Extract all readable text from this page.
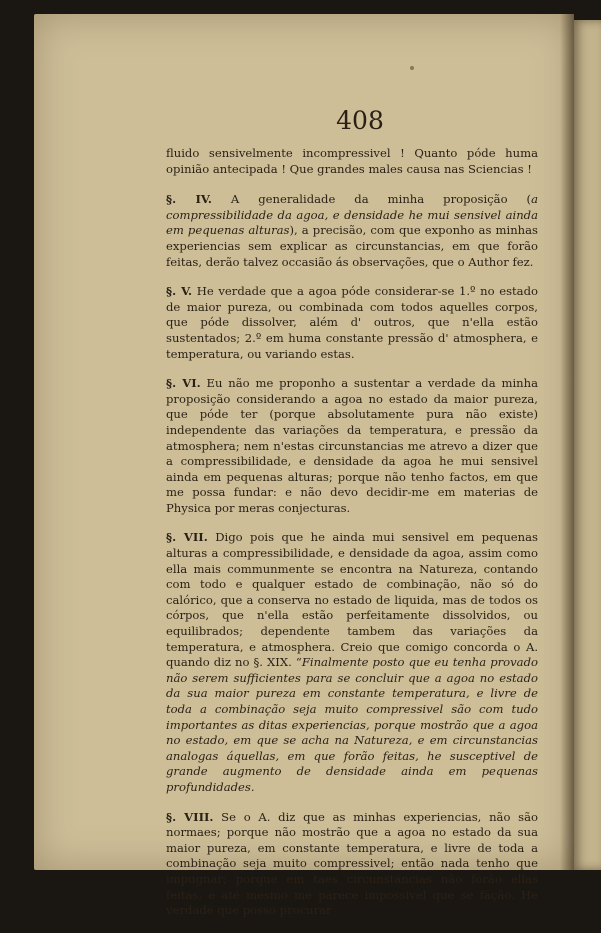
408

fluido sensivelmente incompressivel ! Quanto póde huma opinião antecipada ! Que grandes males causa nas Sciencias !

§. IV. A generalidade da minha proposição (a compressibilidade da agoa, e densidade he mui sensivel ainda em pequenas alturas), a precisão, com que exponho as minhas experiencias sem explicar as circunstancias, em que forão feitas, derão talvez occasião ás observações, que o Author fez.

§. V. He verdade que a agoa póde considerar-se 1.º no estado de maior pureza, ou combinada com todos aquelles corpos, que póde dissolver, além d' outros, que n'ella estão sustentados; 2.º em huma constante pressão d' atmosphera, e temperatura, ou variando estas.

§. VI. Eu não me proponho a sustentar a verdade da minha proposição considerando a agoa no estado da maior pureza, que póde ter (porque absolutamente pura não existe) independente das variações da temperatura, e pressão da atmosphera; nem n'estas circunstancias me atrevo a dizer que a compressibilidade, e densidade da agoa he mui sensivel ainda em pequenas alturas; porque não tenho factos, em que me possa fundar: e não devo decidir-me em materias de Physica por meras conjecturas.

§. VII. Digo pois que he ainda mui sensivel em pequenas alturas a compressibilidade, e densidade da agoa, assim como ella mais communmente se encontra na Natureza, contando com todo e qualquer estado de combinação, não só do calórico, que a conserva no estado de liquida, mas de todos os córpos, que n'ella estão perfeitamente dissolvidos, ou equilibrados; dependente tambem das variações da temperatura, e atmosphera. Creio que comigo concorda o A. quando diz no §. XIX. “Finalmente posto que eu tenha provado não serem sufficientes para se concluir que a agoa no estado da sua maior pureza em constante temperatura, e livre de toda a combinação seja muito compressivel são com tudo importantes as ditas experiencias, porque mostrão que a agoa no estado, em que se acha na Natureza, e em circunstancias analogas áquellas, em que forão feitas, he susceptivel de grande augmento de densidade ainda em pequenas profundidades.

§. VIII. Se o A. diz que as minhas experiencias, não são normaes; porque não mostrão que a agoa no estado da sua maior pureza, em constante temperatura, e livre de toda a combinação seja muito compressivel; então nada tenho que impugnar; porque em taes circunstancias não forão ellas feitas, e até mesmo me parece impossivel que se fação. He verdade que posso procurar
